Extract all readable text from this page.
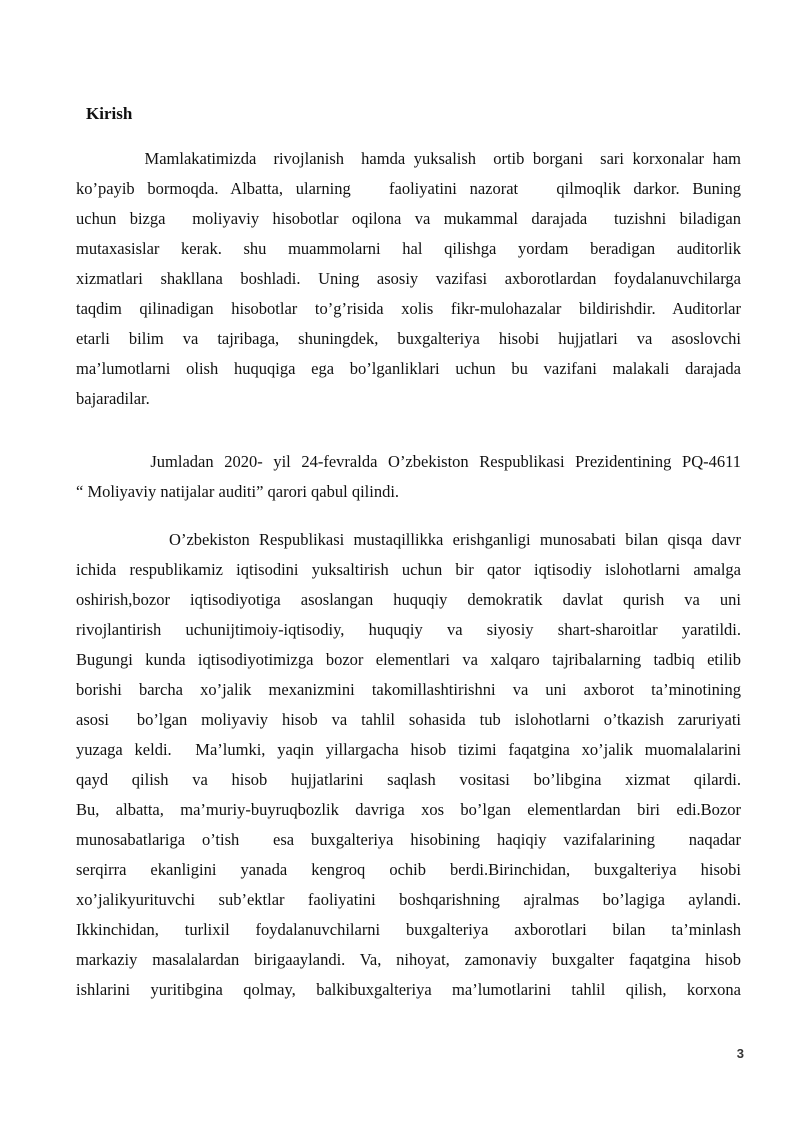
Kirish

Mamlakatimizda  rivojlanish  hamda yuksalish  ortib borgani  sari korxonalar ham
ko’payib bormoqda. Albatta, ularning   faoliyatini nazorat   qilmoqlik darkor. Buning
uchun bizga  moliyaviy hisobotlar oqilona va mukammal darajada  tuzishni biladigan
mutaxasislar kerak. shu muammolarni hal qilishga yordam beradigan auditorlik
xizmatlari shakllana boshladi. Uning asosiy vazifasi axborotlardan foydalanuvchilarga
taqdim qilinadigan hisobotlar to’g’risida xolis fikr-mulohazalar bildirishdir. Auditorlar
etarli bilim va tajribaga, shuningdek, buxgalteriya hisobi hujjatlari va asoslovchi
ma’lumotlarni olish huquqiga ega bo’lganliklari uchun bu vazifani malakali darajada
bajaradilar.

Jumladan 2020- yil 24-fevralda O’zbekiston Respublikasi Prezidentining PQ-4611
“ Moliyaviy natijalar auditi” qarori qabul qilindi.

O’zbekiston Respublikasi mustaqillikka erishganligi munosabati bilan qisqa davr
ichida respublikamiz iqtisodini yuksaltirish uchun bir qator iqtisodiy islohotlarni amalga
oshirish,bozor iqtisodiyotiga asoslangan huquqiy demokratik davlat qurish va uni
rivojlantirish uchunijtimoiy-iqtisodiy, huquqiy va siyosiy shart-sharoitlar yaratildi.
Bugungi kunda iqtisodiyotimizga bozor elementlari va xalqaro tajribalarning tadbiq etilib
borishi barcha xo’jalik mexanizmini takomillashtirishni va uni axborot ta’minotining
asosi  bo’lgan moliyaviy hisob va tahlil sohasida tub islohotlarni o’tkazish zaruriyati
yuzaga keldi.  Ma’lumki, yaqin yillargacha hisob tizimi faqatgina xo’jalik muomalalarini
qayd qilish va hisob hujjatlarini saqlash vositasi bo’libgina xizmat qilardi.
Bu, albatta, ma’muriy-buyruqbozlik davriga xos bo’lgan elementlardan biri edi.Bozor
munosabatlariga o’tish  esa buxgalteriya hisobining haqiqiy vazifalarining  naqadar
serqirra ekanligini yanada kengroq ochib berdi.Birinchidan, buxgalteriya hisobi
xo’jalikyurituvchi sub’ektlar faoliyatini boshqarishning ajralmas bo’lagiga aylandi.
Ikkinchidan, turlixil foydalanuvchilarni buxgalteriya axborotlari bilan ta’minlash
markaziy masalalardan birigaaylandi. Va, nihoyat, zamonaviy buxgalter faqatgina hisob
ishlarini yuritibgina qolmay, balkibuxgalteriya ma’lumotlarini tahlil qilish, korxona

3
